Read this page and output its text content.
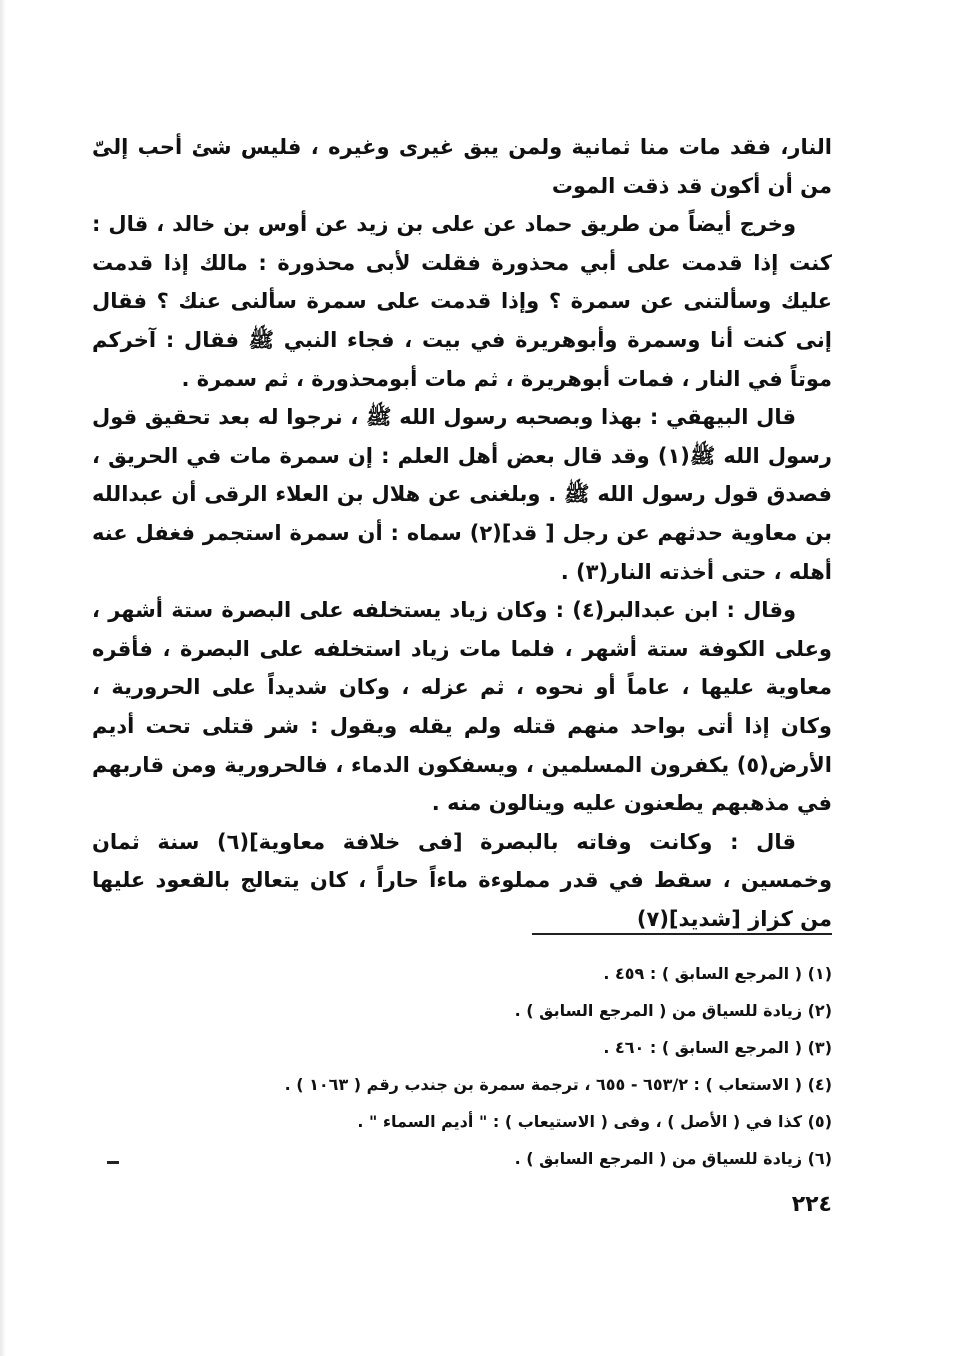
النار، فقد مات منا ثمانية ولمن يبق غيرى وغيره ، فليس شئ أحب إلىّ من أن أكون قد ذقت الموت

وخرج أيضاً من طريق حماد عن على بن زيد عن أوس بن خالد ، قال : كنت إذا قدمت على أبي محذورة فقلت لأبى محذورة : مالك إذا قدمت عليك وسألتنى عن سمرة ؟ وإذا قدمت على سمرة سألنى عنك ؟ فقال إنى كنت أنا وسمرة وأبوهريرة في بيت ، فجاء النبي ﷺ فقال : آخركم موتاً في النار ، فمات أبوهريرة ، ثم مات أبومحذورة ، ثم سمرة .

قال البيهقي : بهذا وبصحبه رسول الله ﷺ ، نرجوا له بعد تحقيق قول رسول الله ﷺ(١) وقد قال بعض أهل العلم : إن سمرة مات في الحريق ، فصدق قول رسول الله ﷺ . وبلغنى عن هلال بن العلاء الرقى أن عبدالله بن معاوية حدثهم عن رجل [ قد](٢) سماه : أن سمرة استجمر فغفل عنه أهله ، حتى أخذته النار(٣) .

وقال : ابن عبدالبر(٤) : وكان زياد يستخلفه على البصرة ستة أشهر ، وعلى الكوفة ستة أشهر ، فلما مات زياد استخلفه على البصرة ، فأقره معاوية عليها ، عاماً أو نحوه ، ثم عزله ، وكان شديداً على الحرورية ، وكان إذا أتى بواحد منهم قتله ولم يقله ويقول : شر قتلى تحت أديم الأرض(٥) يكفرون المسلمين ، ويسفكون الدماء ، فالحرورية ومن قاربهم في مذهبهم يطعنون عليه وينالون منه .

قال : وكانت وفاته بالبصرة [فى خلافة معاوية](٦) سنة ثمان وخمسين ، سقط في قدر مملوءة ماءاً حاراً ، كان يتعالج بالقعود عليها من كزاز [شديد](٧)

(١) ( المرجع السابق ) : ٤٥٩ .

(٢) زيادة للسياق من ( المرجع السابق ) .

(٣) ( المرجع السابق ) : ٤٦٠ .

(٤) ( الاستعاب ) : ٦٥٣/٢ - ٦٥٥ ، ترجمة سمرة بن جندب رقم ( ١٠٦٣ ) .

(٥) كذا في ( الأصل ) ، وفى ( الاستيعاب ) : " أديم السماء " .

(٦) زيادة للسياق من ( المرجع السابق ) .

٢٢٤
